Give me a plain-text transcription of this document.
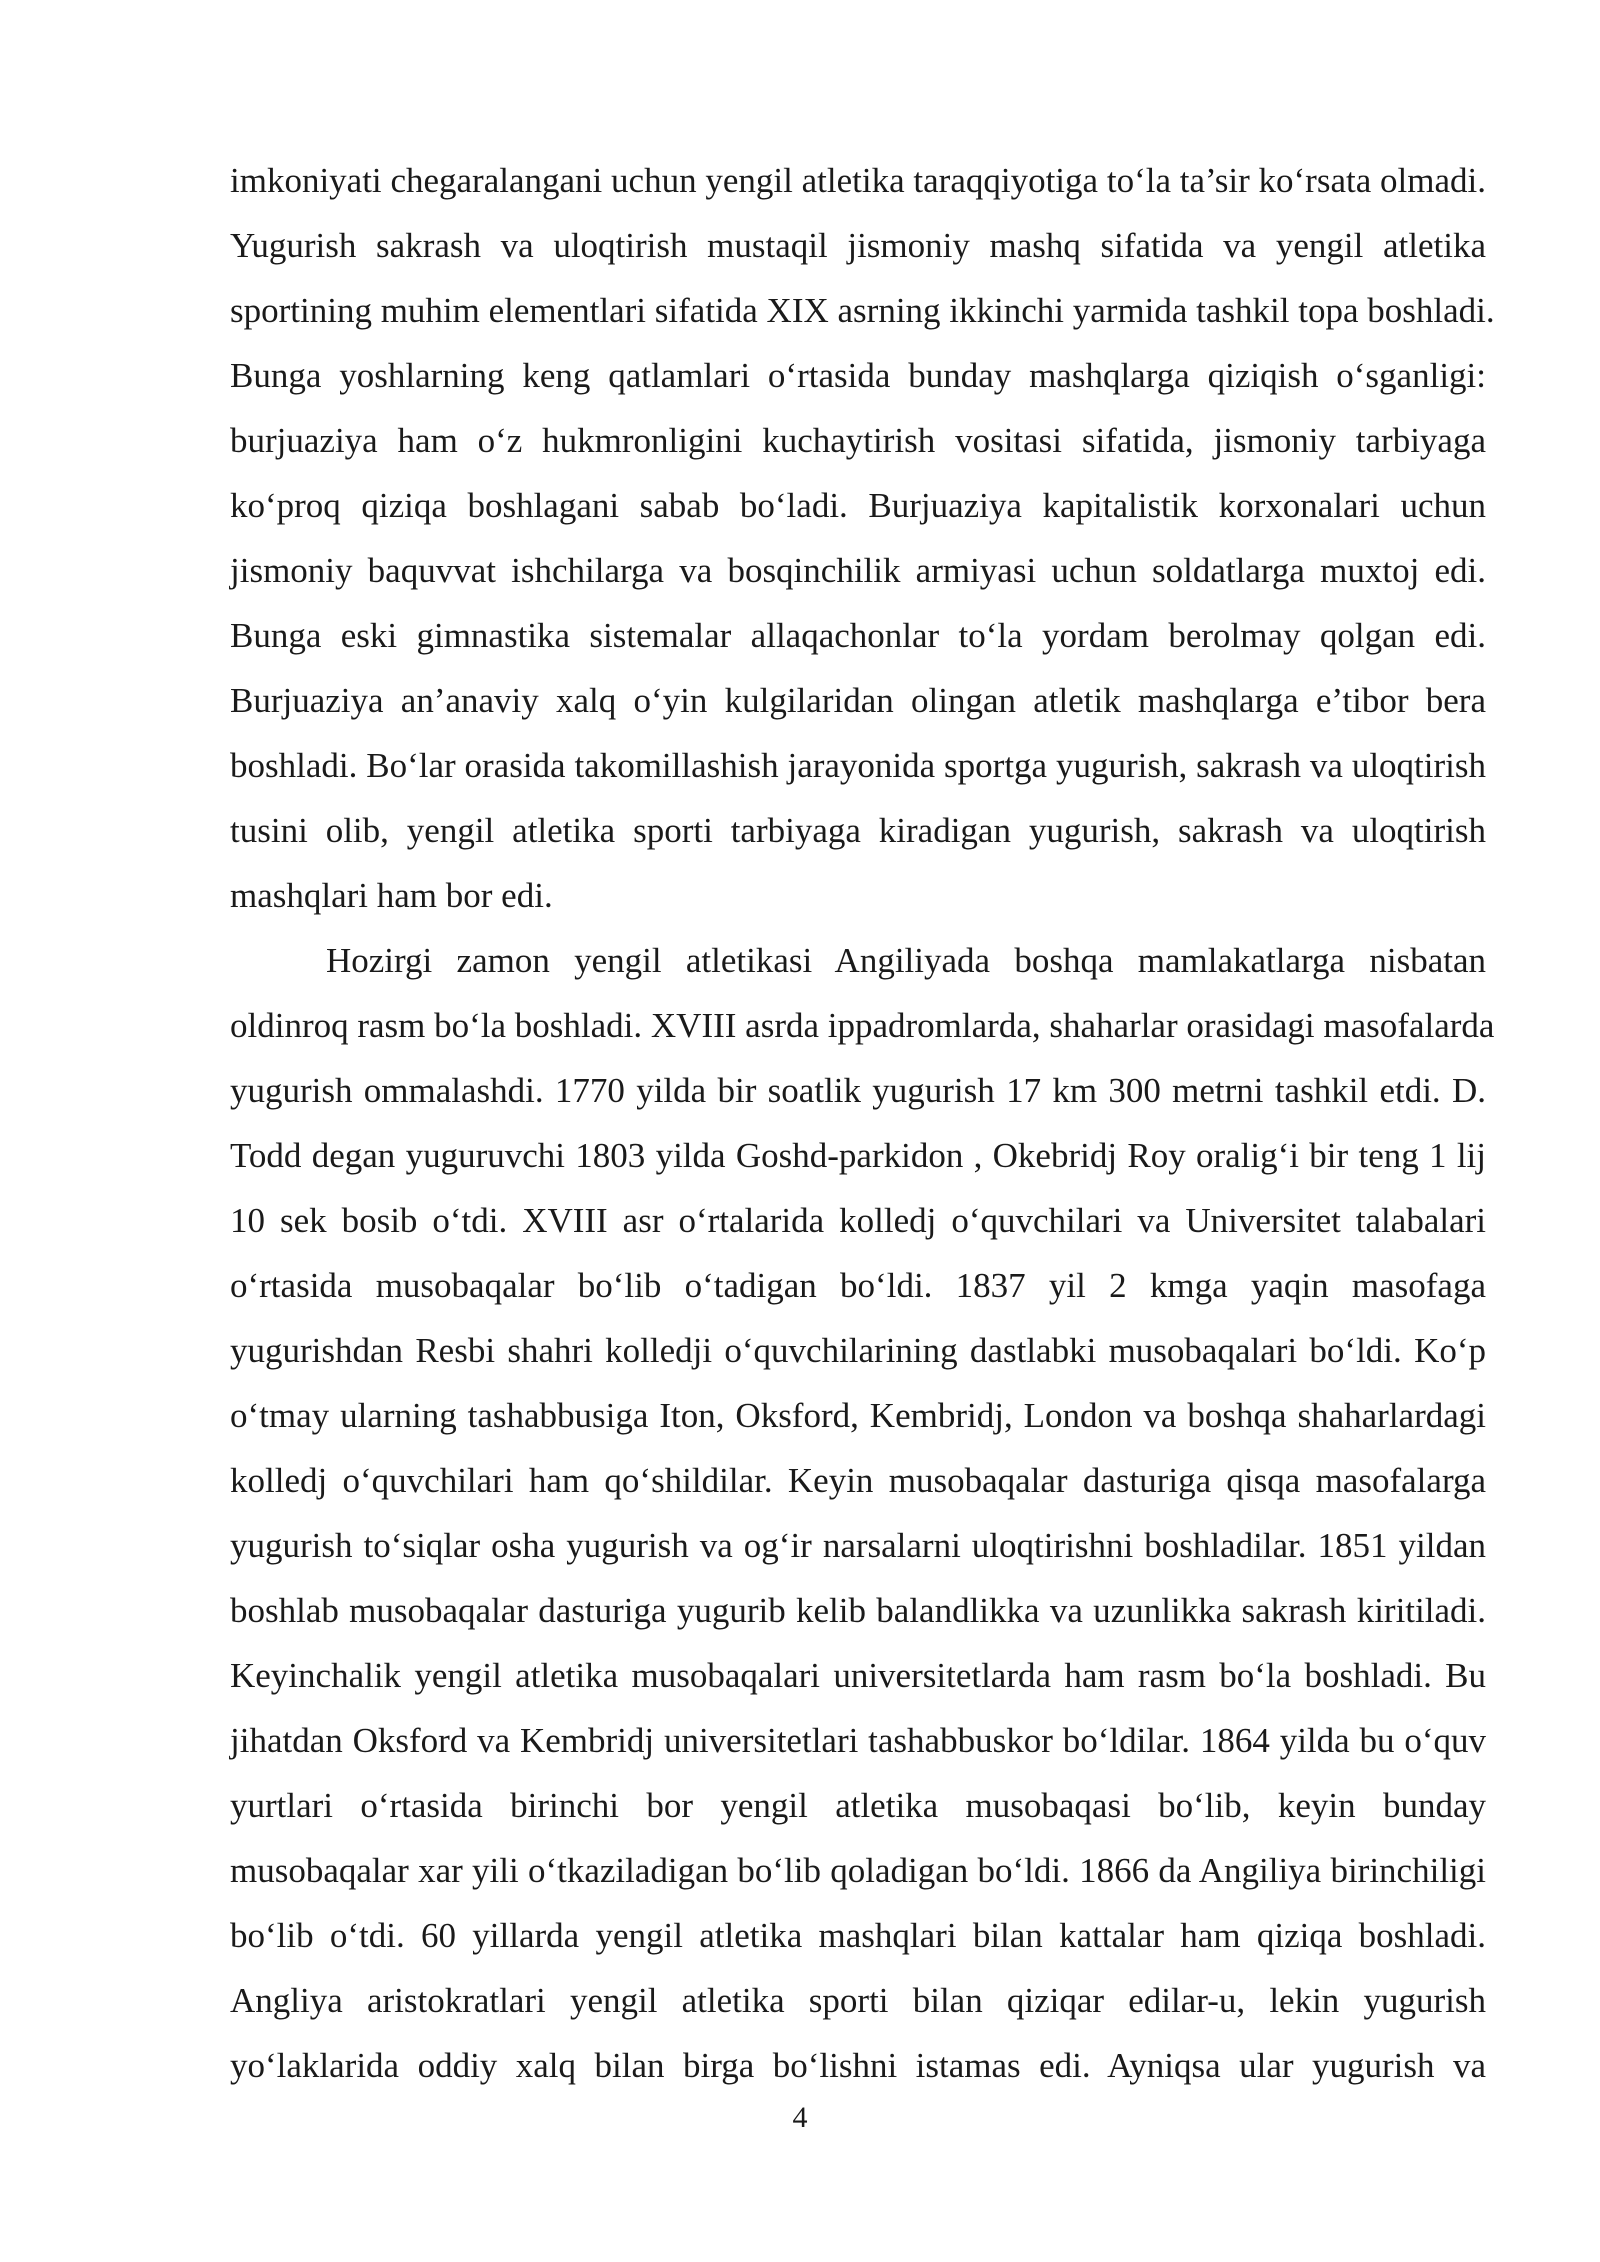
imkoniyati chegaralangani uchun yengil atletika taraqqiyotiga to‘la ta’sir ko‘rsata olmadi.
Yugurish sakrash va uloqtirish mustaqil jismoniy mashq sifatida va yengil atletika
sportining muhim elementlari sifatida XIX asrning ikkinchi yarmida tashkil topa boshladi.
Bunga yoshlarning keng qatlamlari o‘rtasida bunday mashqlarga qiziqish o‘sganligi:
burjuaziya ham o‘z hukmronligini kuchaytirish vositasi sifatida, jismoniy tarbiyaga
ko‘proq qiziqa boshlagani sabab bo‘ladi. Burjuaziya kapitalistik korxonalari uchun
jismoniy baquvvat ishchilarga va bosqinchilik armiyasi uchun soldatlarga muxtoj edi.
Bunga eski gimnastika sistemalar allaqachonlar to‘la yordam berolmay qolgan edi.
Burjuaziya an’anaviy xalq o‘yin kulgilaridan olingan atletik mashqlarga e’tibor bera
boshladi. Bo‘lar orasida takomillashish jarayonida sportga yugurish, sakrash va uloqtirish
tusini olib, yengil atletika sporti tarbiyaga kiradigan yugurish, sakrash va uloqtirish
mashqlari ham bor edi.
Hozirgi zamon yengil atletikasi Angiliyada boshqa mamlakatlarga nisbatan
oldinroq rasm bo‘la boshladi. XVIII asrda ippadromlarda, shaharlar orasidagi masofalarda
yugurish ommalashdi. 1770 yilda bir soatlik yugurish 17 km 300 metrni tashkil etdi. D.
Todd degan yuguruvchi 1803 yilda Goshd-parkidon , Okebridj Roy oralig‘i bir teng 1 lij
10 sek bosib o‘tdi. XVIII asr o‘rtalarida kolledj o‘quvchilari va Universitet talabalari
o‘rtasida musobaqalar bo‘lib o‘tadigan bo‘ldi. 1837 yil 2 kmga yaqin masofaga
yugurishdan Resbi shahri kolledji o‘quvchilarining dastlabki musobaqalari bo‘ldi. Ko‘p
o‘tmay ularning tashabbusiga Iton, Oksford, Kembridj, London va boshqa shaharlardagi
kolledj o‘quvchilari ham qo‘shildilar. Keyin musobaqalar dasturiga qisqa masofalarga
yugurish to‘siqlar osha yugurish va og‘ir narsalarni uloqtirishni boshladilar. 1851 yildan
boshlab musobaqalar dasturiga yugurib kelib balandlikka va uzunlikka sakrash kiritiladi.
Keyinchalik yengil atletika musobaqalari universitetlarda ham rasm bo‘la boshladi. Bu
jihatdan Oksford va Kembridj universitetlari tashabbuskor bo‘ldilar. 1864 yilda bu o‘quv
yurtlari o‘rtasida birinchi bor yengil atletika musobaqasi bo‘lib, keyin bunday
musobaqalar xar yili o‘tkaziladigan bo‘lib qoladigan bo‘ldi. 1866 da Angiliya birinchiligi
bo‘lib o‘tdi. 60 yillarda yengil atletika mashqlari bilan kattalar ham qiziqa boshladi.
Angliya aristokratlari yengil atletika sporti bilan qiziqar edilar-u, lekin yugurish
yo‘laklarida oddiy xalq bilan birga bo‘lishni istamas edi. Ayniqsa ular yugurish va
4
